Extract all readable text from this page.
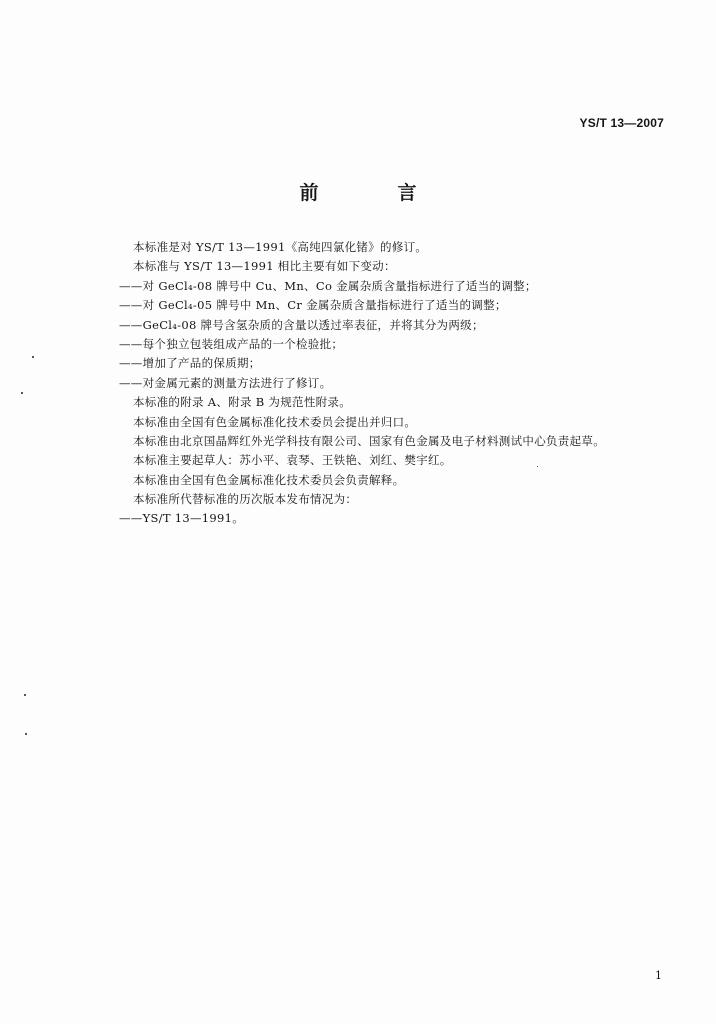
YS/T 13—2007
前　言
本标准是对 YS/T 13—1991《高纯四氯化锗》的修订。
本标准与 YS/T 13—1991 相比主要有如下变动：
——对 GeCl₄-08 牌号中 Cu、Mn、Co 金属杂质含量指标进行了适当的调整；
——对 GeCl₄-05 牌号中 Mn、Cr 金属杂质含量指标进行了适当的调整；
——GeCl₄-08 牌号含氢杂质的含量以透过率表征，并将其分为两级；
——每个独立包装组成产品的一个检验批；
——增加了产品的保质期；
——对金属元素的测量方法进行了修订。
本标准的附录 A、附录 B 为规范性附录。
本标准由全国有色金属标准化技术委员会提出并归口。
本标准由北京国晶辉红外光学科技有限公司、国家有色金属及电子材料测试中心负责起草。
本标准主要起草人：苏小平、袁琴、王铁艳、刘红、樊宇红。
本标准由全国有色金属标准化技术委员会负责解释。
本标准所代替标准的历次版本发布情况为：
——YS/T 13—1991。
1
